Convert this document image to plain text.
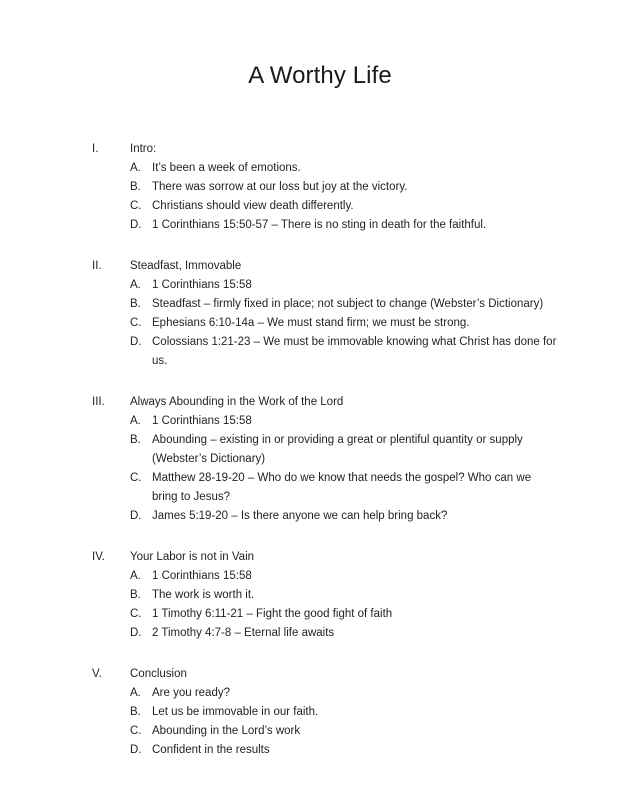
A Worthy Life
I.	Intro:
A. It’s been a week of emotions.
B. There was sorrow at our loss but joy at the victory.
C. Christians should view death differently.
D. 1 Corinthians 15:50-57 – There is no sting in death for the faithful.
II.	Steadfast, Immovable
A. 1 Corinthians 15:58
B. Steadfast – firmly fixed in place; not subject to change (Webster’s Dictionary)
C. Ephesians 6:10-14a – We must stand firm; we must be strong.
D. Colossians 1:21-23 – We must be immovable knowing what Christ has done for us.
III.	Always Abounding in the Work of the Lord
A. 1 Corinthians 15:58
B. Abounding – existing in or providing a great or plentiful quantity or supply (Webster’s Dictionary)
C. Matthew 28-19-20 – Who do we know that needs the gospel? Who can we bring to Jesus?
D. James 5:19-20 – Is there anyone we can help bring back?
IV.	Your Labor is not in Vain
A. 1 Corinthians 15:58
B. The work is worth it.
C. 1 Timothy 6:11-21 – Fight the good fight of faith
D. 2 Timothy 4:7-8 – Eternal life awaits
V.	Conclusion
A. Are you ready?
B. Let us be immovable in our faith.
C. Abounding in the Lord’s work
D. Confident in the results
